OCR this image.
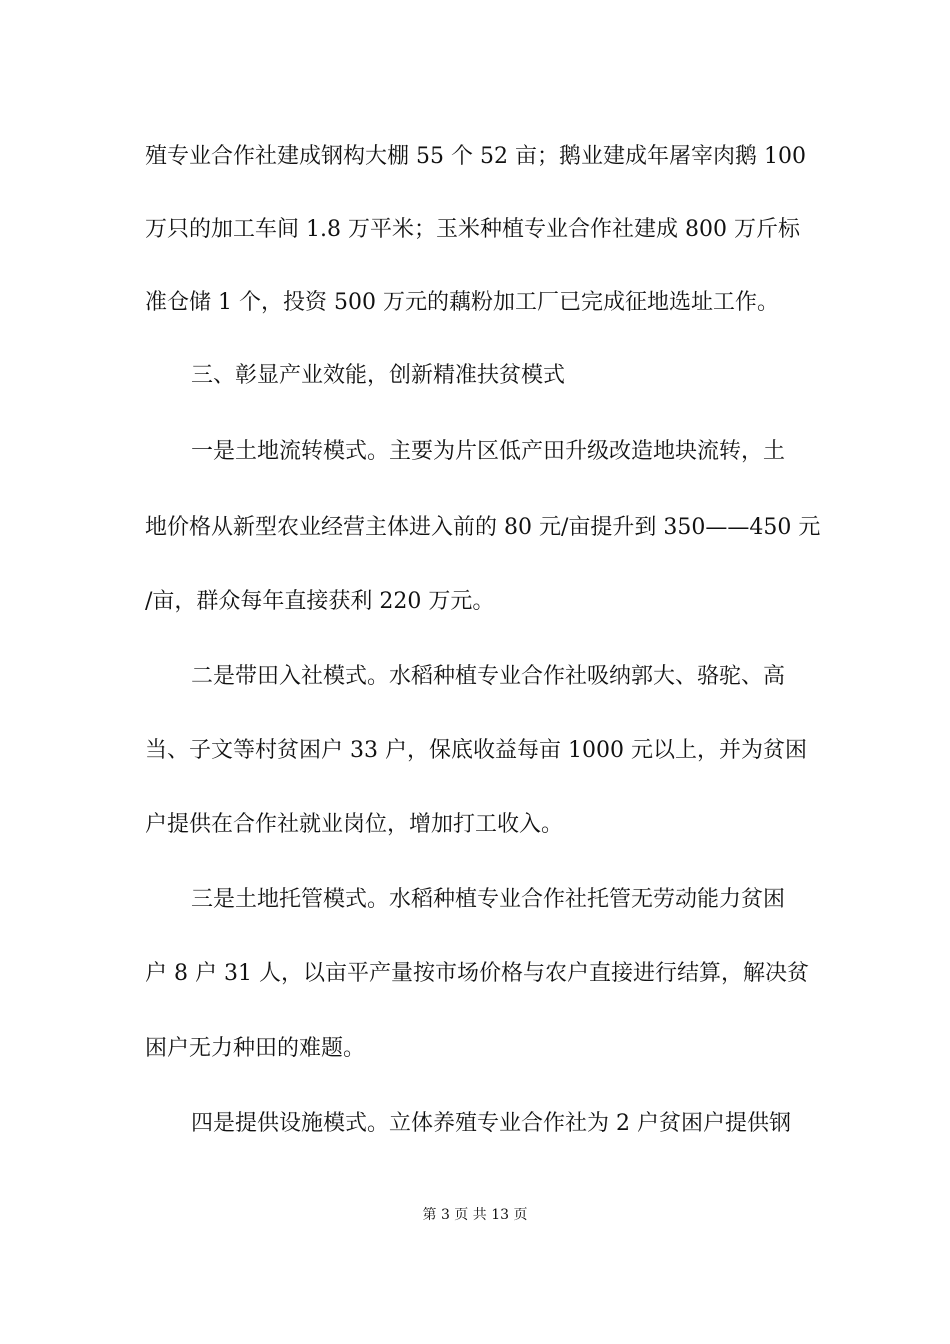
殖专业合作社建成钢构大棚 55 个 52 亩；鹅业建成年屠宰肉鹅 100
万只的加工车间 1.8 万平米；玉米种植专业合作社建成 800 万斤标
准仓储 1 个，投资 500 万元的藕粉加工厂已完成征地选址工作。
三、彰显产业效能，创新精准扶贫模式
一是土地流转模式。主要为片区低产田升级改造地块流转，土
地价格从新型农业经营主体进入前的 80 元/亩提升到 350——450 元
/亩，群众每年直接获利 220 万元。
二是带田入社模式。水稻种植专业合作社吸纳郭大、骆驼、高
当、子文等村贫困户 33 户，保底收益每亩 1000 元以上，并为贫困
户提供在合作社就业岗位，增加打工收入。
三是土地托管模式。水稻种植专业合作社托管无劳动能力贫困
户 8 户 31 人，以亩平产量按市场价格与农户直接进行结算，解决贫
困户无力种田的难题。
四是提供设施模式。立体养殖专业合作社为 2 户贫困户提供钢
第 3 页 共 13 页
